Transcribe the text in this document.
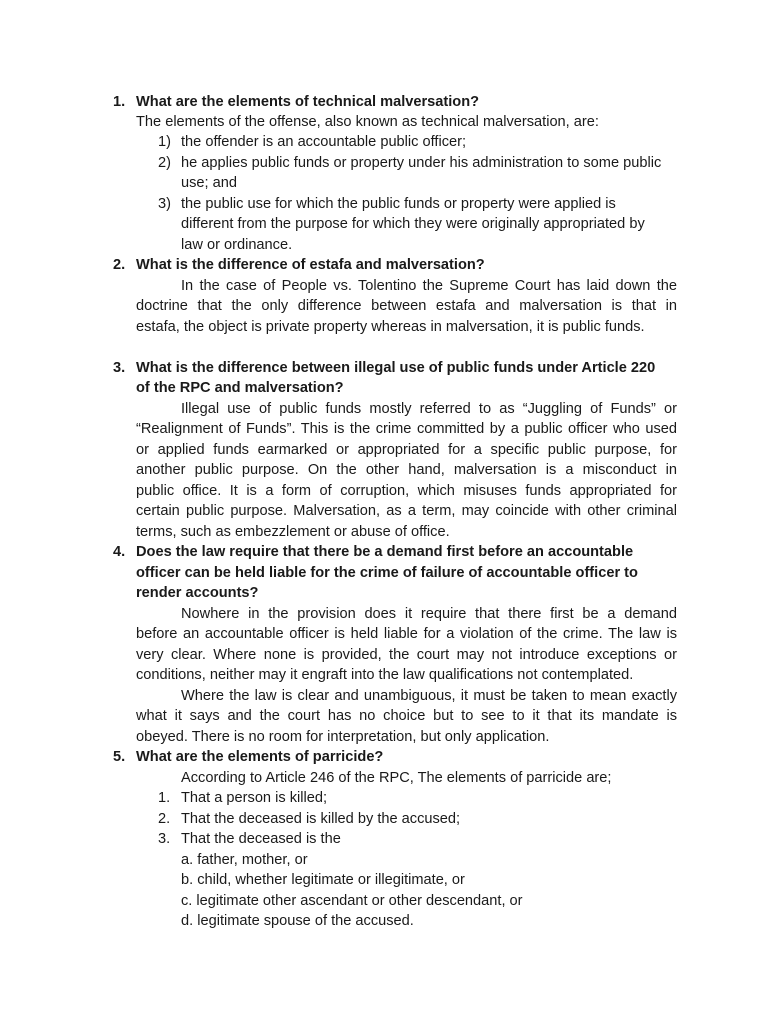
1. What are the elements of technical malversation?
The elements of the offense, also known as technical malversation, are:
1) the offender is an accountable public officer;
2) he applies public funds or property under his administration to some public
use; and
3) the public use for which the public funds or property were applied is
different from the purpose for which they were originally appropriated by
law or ordinance.
2. What is the difference of estafa and malversation?
In the case of People vs. Tolentino the Supreme Court has laid down the
doctrine that the only difference between estafa and malversation is that in
estafa, the object is private property whereas in malversation, it is public funds.
3. What is the difference between illegal use of public funds under Article 220
of the RPC and malversation?
Illegal use of public funds mostly referred to as “Juggling of Funds” or
“Realignment of Funds”. This is the crime committed by a public officer who used
or applied funds earmarked or appropriated for a specific public purpose, for
another public purpose. On the other hand, malversation is a misconduct in
public office. It is a form of corruption, which misuses funds appropriated for
certain public purpose. Malversation, as a term, may coincide with other criminal
terms, such as embezzlement or abuse of office.
4. Does the law require that there be a demand first before an accountable
officer can be held liable for the crime of failure of accountable officer to
render accounts?
Nowhere in the provision does it require that there first be a demand
before an accountable officer is held liable for a violation of the crime. The law is
very clear. Where none is provided, the court may not introduce exceptions or
conditions, neither may it engraft into the law qualifications not contemplated.
Where the law is clear and unambiguous, it must be taken to mean exactly
what it says and the court has no choice but to see to it that its mandate is
obeyed. There is no room for interpretation, but only application.
5. What are the elements of parricide?
According to Article 246 of the RPC, The elements of parricide are;
1. That a person is killed;
2. That the deceased is killed by the accused;
3. That the deceased is the
a. father, mother, or
b. child, whether legitimate or illegitimate, or
c. legitimate other ascendant or other descendant, or
d. legitimate spouse of the accused.
